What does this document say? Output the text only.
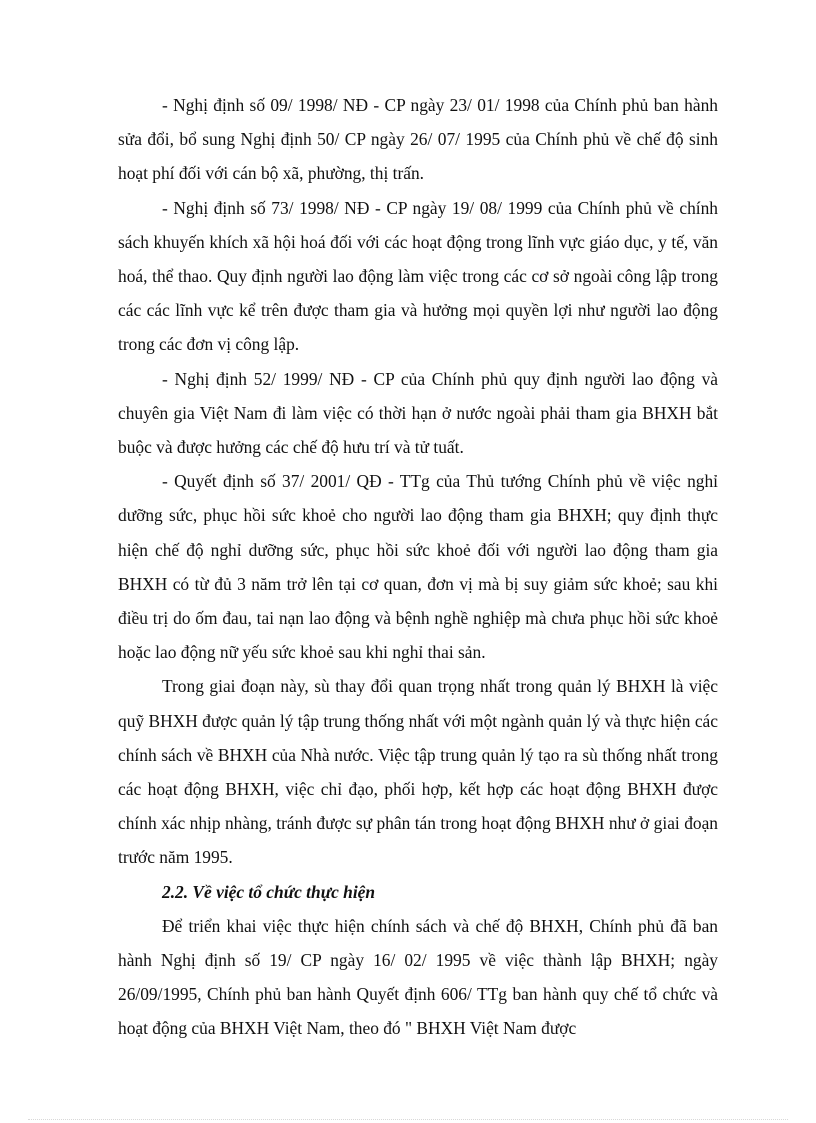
- Nghị định số 09/ 1998/ NĐ - CP ngày 23/ 01/ 1998 của Chính phủ ban hành sửa đổi, bổ sung Nghị định 50/ CP ngày 26/ 07/ 1995 của Chính phủ về chế độ sinh hoạt phí đối với cán bộ xã, phường, thị trấn.

- Nghị định số 73/ 1998/ NĐ - CP ngày 19/ 08/ 1999 của Chính phủ về chính sách khuyến khích xã hội hoá đối với các hoạt động trong lĩnh vực giáo dục, y tế, văn hoá, thể thao. Quy định người lao động làm việc trong các cơ sở ngoài công lập trong các các lĩnh vực kể trên được tham gia và hưởng mọi quyền lợi như người lao động trong các đơn vị công lập.

- Nghị định 52/ 1999/ NĐ - CP của Chính phủ quy định người lao động và chuyên gia Việt Nam đi làm việc có thời hạn ở nước ngoài phải tham gia BHXH bắt buộc và được hưởng các chế độ hưu trí và tử tuất.

- Quyết định số 37/ 2001/ QĐ - TTg của Thủ tướng Chính phủ về việc nghỉ dưỡng sức, phục hồi sức khoẻ cho người lao động tham gia BHXH; quy định thực hiện chế độ nghỉ dưỡng sức, phục hồi sức khoẻ đối với người lao động tham gia BHXH có từ đủ 3 năm trở lên tại cơ quan, đơn vị mà bị suy giảm sức khoẻ; sau khi điều trị do ốm đau, tai nạn lao động và bệnh nghề nghiệp mà chưa phục hồi sức khoẻ hoặc lao động nữ yếu sức khoẻ sau khi nghỉ thai sản.

Trong giai đoạn này, sù thay đổi quan trọng nhất trong quản lý BHXH là việc quỹ BHXH được quản lý tập trung thống nhất với một ngành quản lý và thực hiện các chính sách về BHXH của Nhà nước. Việc tập trung quản lý tạo ra sù thống nhất trong các hoạt động BHXH, việc chỉ đạo, phối hợp, kết hợp các hoạt động BHXH được chính xác nhịp nhàng, tránh được sự phân tán trong hoạt động BHXH như ở giai đoạn trước năm 1995.

2.2. Về việc tổ chức thực hiện

Để triển khai việc thực hiện chính sách và chế độ BHXH, Chính phủ đã ban hành Nghị định số 19/ CP ngày 16/ 02/ 1995 về việc thành lập BHXH; ngày 26/09/1995, Chính phủ ban hành Quyết định 606/ TTg ban hành quy chế tổ chức và hoạt động của BHXH Việt Nam, theo đó " BHXH Việt Nam được
